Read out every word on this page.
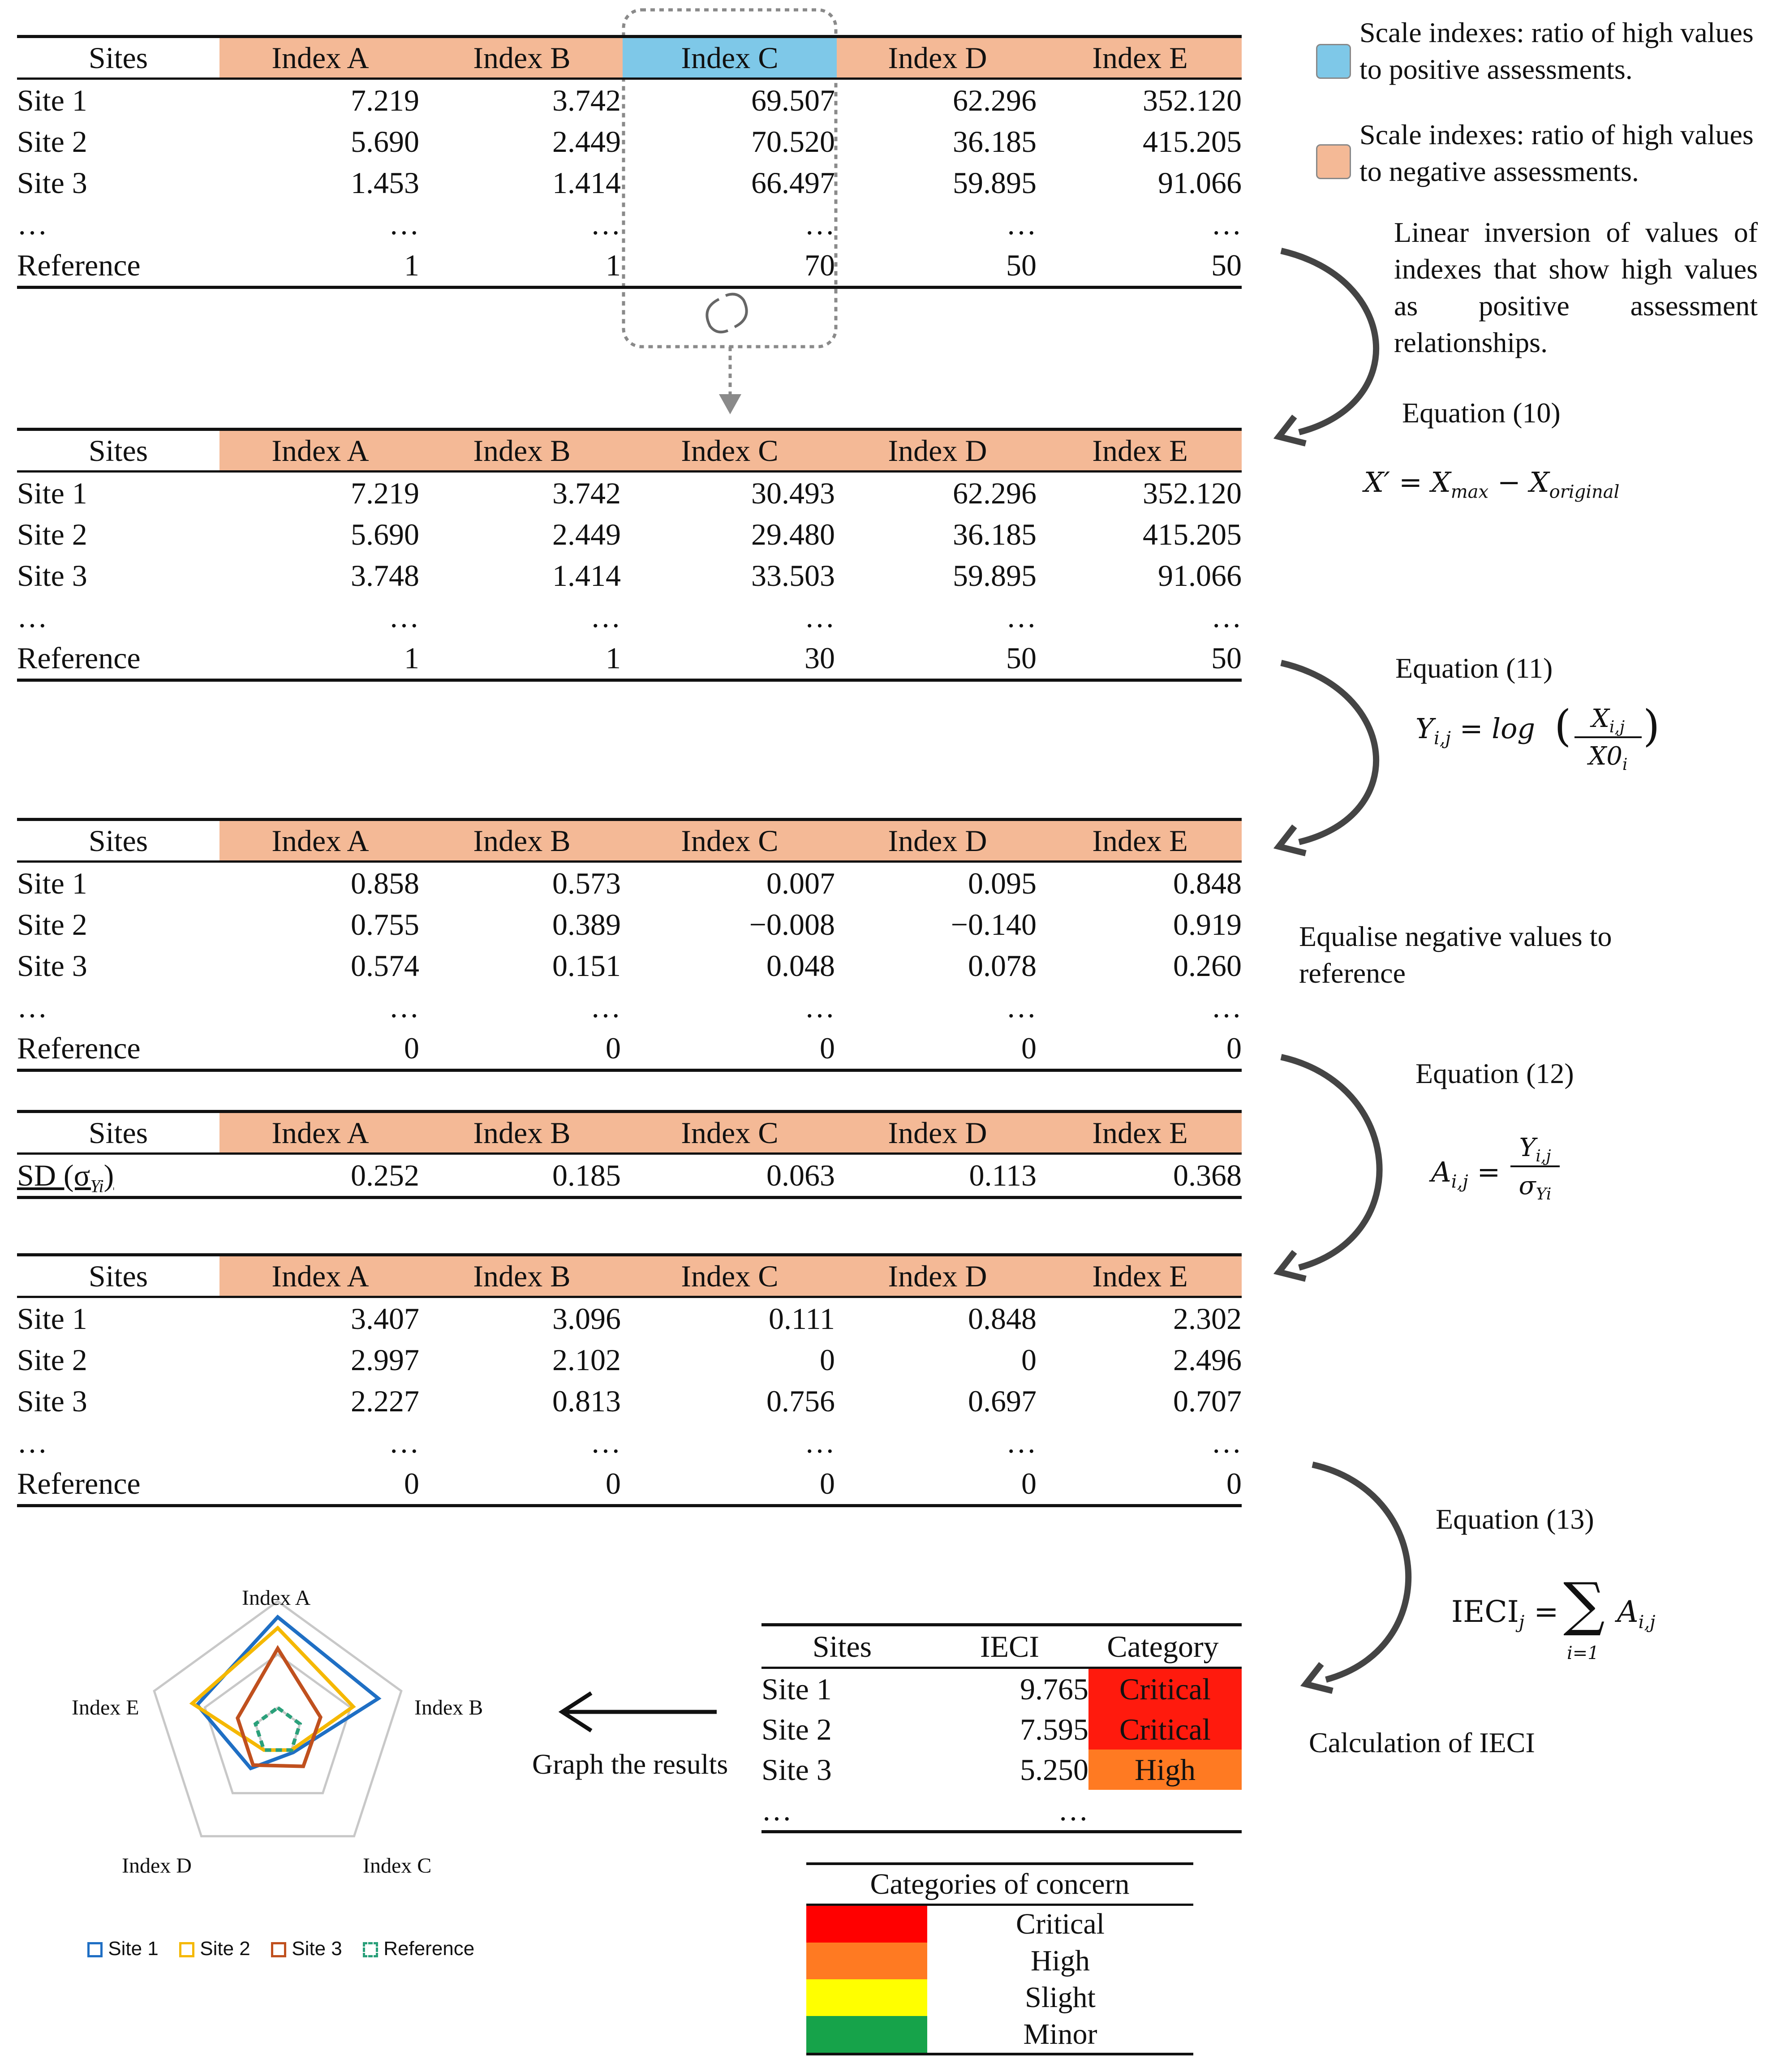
Sites	Index A	Index B	Index C	Index D	Index E
Site 1	7.219	3.742	69.507	62.296	352.120
Site 2	5.690	2.449	70.520	36.185	415.205
Site 3	1.453	1.414	66.497	59.895	91.066
…	…	…	…	…	…
Reference	1	1	70	50	50
Sites	Index A	Index B	Index C	Index D	Index E
Site 1	7.219	3.742	30.493	62.296	352.120
Site 2	5.690	2.449	29.480	36.185	415.205
Site 3	3.748	1.414	33.503	59.895	91.066
…	…	…	…	…	…
Reference	1	1	30	50	50
Sites	Index A	Index B	Index C	Index D	Index E
Site 1	0.858	0.573	0.007	0.095	0.848
Site 2	0.755	0.389	−0.008	−0.140	0.919
Site 3	0.574	0.151	0.048	0.078	0.260
…	…	…	…	…	…
Reference	0	0	0	0	0
Sites	Index A	Index B	Index C	Index D	Index E
SD $(\sigma_{Yi})$	0.252	0.185	0.063	0.113	0.368
Sites	Index A	Index B	Index C	Index D	Index E
Site 1	3.407	3.096	0.111	0.848	2.302
Site 2	2.997	2.102	0	0	2.496
Site 3	2.227	0.813	0.756	0.697	0.707
…	…	…	…	…	…
Reference	0	0	0	0	0
Scale indexes: ratio of high values to positive assessments.
Scale indexes: ratio of high values to negative assessments.
Linear inversion of values of indexes that show high values as positive assessment relationships.
Equation (10)
$X' = X_{max} - X_{original}$
Equation (11)
$Y_{i,j} = \log$ ( $X_{i,j}$
$X0_i$
)
Equalise negative values to reference
Equation (12)
$A_{i,j}$ =
$Y_{i,j}$
$\sigma_{Yi}$
Equation (13)
$IECI_j$ = ∑
i=1
$A_{i,j}$
Calculation of IECI
Graph the results
Sites	IECI	Category
Site 1	9.765	Critical
Site 2	7.595	Critical
Site 3	5.250	High
…	…
Categories of concern
Critical
High
Slight
Minor
Index A
Index B
Index C
Index D
Index E
Site 1	Site 2	Site 3	Reference
